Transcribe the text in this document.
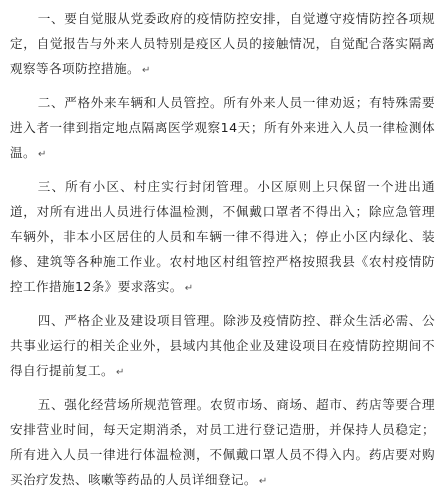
一、要自觉服从党委政府的疫情防控安排，自觉遵守疫情防控各项规定，自觉报告与外来人员特别是疫区人员的接触情况，自觉配合落实隔离观察等各项防控措施。 ↵

二、严格外来车辆和人员管控。所有外来人员一律劝返；有特殊需要进入者一律到指定地点隔离医学观察14天；所有外来进入人员一律检测体温。 ↵

三、所有小区、村庄实行封闭管理。小区原则上只保留一个进出通道，对所有进出人员进行体温检测，不佩戴口罩者不得出入；除应急管理车辆外，非本小区居住的人员和车辆一律不得进入；停止小区内绿化、装修、建筑等各种施工作业。农村地区村组管控严格按照我县《农村疫情防控工作措施12条》要求落实。 ↵

四、严格企业及建设项目管理。除涉及疫情防控、群众生活必需、公共事业运行的相关企业外，县域内其他企业及建设项目在疫情防控期间不得自行提前复工。 ↵

五、强化经营场所规范管理。农贸市场、商场、超市、药店等要合理安排营业时间，每天定期消杀，对员工进行登记造册，并保持人员稳定；所有进入人员一律进行体温检测，不佩戴口罩人员不得入内。药店要对购买治疗发热、咳嗽等药品的人员详细登记。 ↵
